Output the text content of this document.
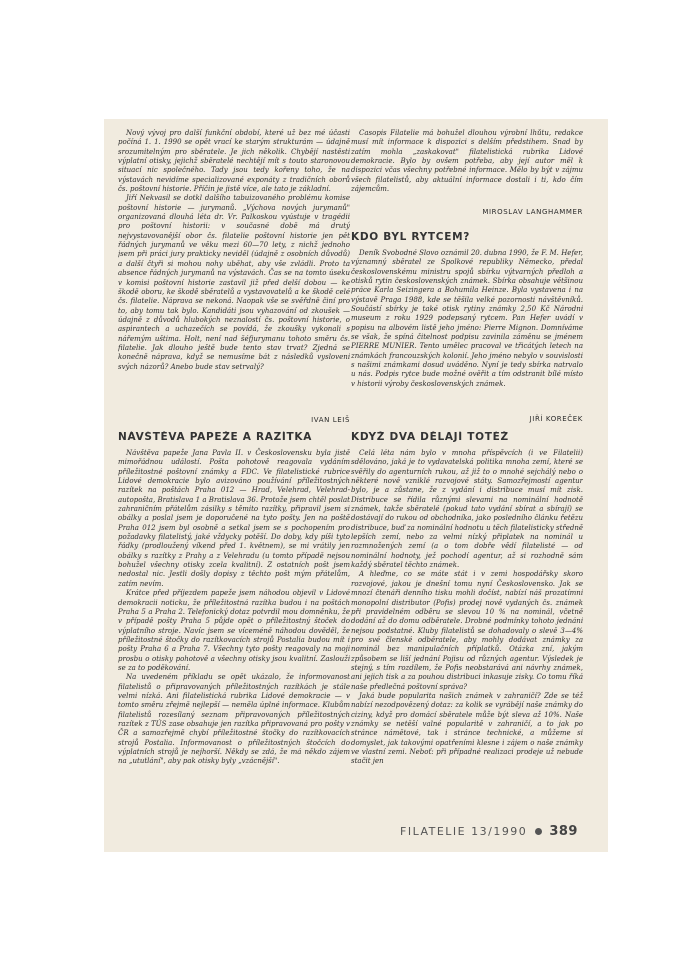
Nový vývoj pro další funkční období, které už bez mé účasti počíná 1. 1. 1990 se opět vrací ke starým strukturám — údajně srozumitelným pro sběratele. Je jich několik. Chybějí nastěstí výplatní otisky, jejichž sběratelé nechtějí mít s touto staronovou situací nic společného. Tady jsou tedy kořeny toho, že na výstavách nevidíme specializované exponáty z tradičních oborů čs. poštovní historie. Příčin je jistě více, ale tato je základní.

Jiří Nekvasil se dotkl dalšího tabuizovaného problému komise poštovní historie — jurymanů. „Výchova nových jurymanů" organizovaná dlouhá léta dr. Vr. Palkoskou vyústuje v tragédii pro poštovní historii: v současné době má drutý nejvystavovanější obor čs. filatelie poštovní historie jen pět řádných jurymanů ve věku mezi 60—70 lety, z nichž jednoho jsem při práci jury prakticky neviděl (údajně z osobních důvodů) a další čtyři si mohou nohy uběhat, aby vše zvládli. Proto ta absence řádných jurymanů na výstavách. Čas se na tomto úseku v komisi poštovní historie zastavil již před delší dobou — ke škodě oboru, ke škodě sběratelů a vystavovatelů a ke škodě celé čs. filatelie. Náprava se nekoná. Naopak vše se svěřdně činí pro to, aby tomu tak bylo. Kandidáti jsou vyhazování od zkoušek — údajně z důvodů hlubokých neznalostí čs. poštovní historie, o aspirantech a uchazečích se povídá, že zkoušky vykonali s nářemým uštima. Holt, není nad šéfjurymanu tohoto směru čs. filatelie. Jak dlouho ještě bude tento stav trvat? Zjedná se konečně náprava, když se nemusíme bát z následků vyslovení svých názorů? Anebo bude stav setrvalý?

IVAN LEIŠ
NÁVŠTĚVA PAPEŽE A RAZÍTKA

Návštěva papeže Jana Pavla II. v Československu byla jistě mimořádnou událostí. Pošta pohotově reagovala vydáním příležitostné poštovní známky a FDC. Ve filatelistické rubrice Lidové demokracie bylo avizováno používání příležitostných razítek na poštách Praha 012 — Hrad, Velehrad, Velehrad-autopošta, Bratislava 1 a Bratislava 36. Protože jsem chtěl poslat zahraničním přátelům zásilky s těmito razítky, připravil jsem si obálky a poslal jsem je doporučené na tyto pošty. Jen na poště Praha 012 jsem byl osobně a setkal jsem se s pochopením pro požadavky filatelistý, jaké vždycky potěší. Do doby, kdy píši tyto řádky (prodloužený víkend před 1. květnem), se mi vrátily jen obálky s razítky z Prahy a z Velehradu (u tomto případě nejsou bohužel všechny otisky zcela kvalitní). Z ostatních pošt jsem nedostal nic. Jestli došly dopisy z těchto pošt mým přátelům, zatím nevím.

Krátce před příjezdem papeže jsem náhodou objevil v Lidové demokracii noticku, že příležitostná razítka budou i na poštách Praha 5 a Praha 2. Telefonický dotaz potvrdil mou domněnku, že v případě pošty Praha 5 půjde opět o příležitostný štoček do výplatního stroje. Navíc jsem se víceméně náhodou dověděl, že příležitostné štočky do razítkovacích strojů Postalia budou mít i pošty Praha 6 a Praha 7. Všechny tyto pošty reagovaly na mojí prosbu o otisky pohotově a všechny otisky jsou kvalitní. Zaslouží se za to poděkování.

Na uvedeném příkladu se opět ukázalo, že informovanost filatelistů o připravovaných příležitostných razítkách je stále velmi nízká. Ani filatelistická rubrika Lidové demokracie — v tomto směru zřejmě nejlepší — neměla úplné informace. Klubům filatelistů rozesílaný seznam připravovaných příležitostných razítek z TÚS zase obsahuje jen razítka připravovaná pro pošty v ČR a samozřejmě chybí příležitostné štočky do razítkovacích strojů Postalia. Informovanost o příležitostných štočcích do výplatních strojů je nejhorší. Někdy se zdá, že má někdo zájem na „ututlání", aby pak otisky byly „vzácnější".

Časopis Filatelie má bohužel dlouhou výrobní lhůtu, redakce musí mít informace k dispozici s delším předstihem. Snad by zatím mohla „zaskakovat" filatelistická rubrika Lidové demokracie. Bylo by ovšem potřeba, aby její autor měl k dispozici včas všechny potřebné informace. Mělo by být v zájmu všech filatelistů, aby aktuální informace dostali i ti, kdo čím zájemcům.

MIROSLAV LANGHAMMER
KDO BYL RYTCEM?

Deník Svobodné Slovo oznámil 20. dubna 1990, že F. M. Hefer, významný sběratel ze Spolkové republiky Německo, předal československému ministru spojů sbírku výtvarných předloh a otisků rytin československých známek. Sbírka obsahuje většinou práce Karla Seizingera a Bohumila Heinze. Byla vystavena i na výstavě Praga 1988, kde se těšila velké pozornosti návštěvníků. Součástí sbírky je také otisk rytiny známky 2,50 Kč Národní museum z roku 1929 podepsaný rytcem. Pan Hefer uvádí v popisu na albovém listě jeho jméno: Pierre Mignon. Domníváme se však, že spíná čitelnost podpisu zavinila záměnu se jménem PIERRE MUNIER. Tento umělec pracoval ve třicátých letech na známkách francouzských kolonií. Jeho jméno nebylo v souvislosti s našimi známkami dosud uváděno. Nyní je tedy sbírka natrvalo u nás. Podpis rytce bude možné ověřit a tím odstranit bílé místo v historii výroby československých známek.

JIŘÍ KOREČEK
KDYŽ DVA DĚLAJÍ TOTÉŽ

Celá léta nám bylo v mnoha příspěvcích (i ve Filatelii) sdělováno, jaká je to vydavatelská politika mnoha zemí, které se svěřily do agenturních rukou, až již to o mnohé sejchálý nebo o některé nově vzniklé rozvojové státy. Samozřejmostí agentur bylo, je a zůstane, že z vydání i distribuce musí mít zisk. Distribuce se řídila různými slevami na nominální hodnotě známek, takže sběratelé (pokud tato vydání sbírat a sbírají) se dostávají do rukou od obchodníka, jako posledního článku řetězu distribuce, buď za nominální hodnotu u těch filatelisticky středně lepších zemí, nebo za velmi nízký připlatek na nominál u rozmnožených zemí (a o tom dobře vědí filatelisté — od nominální hodnoty, jež pochodí agentur, až si rozhodně sám každý sběratel těchto známek.

A hleďme, co se máte stát i v zemi hospodářsky skoro rozvojové, jakou je dnešní tomu nyní Československo. Jak se mnozí čtenáři denního tisku mohli dočíst, nabízí náš prozatímní monopolní distributor (Pofis) prodej nově vydaných čs. známek při pravidelném odběru se slevou 10 % na nominál, včetně dodání až do domu odběratele. Drobné podmínky tohoto jednání nejsou podstatné. Kluby filatelistů se dohadovaly o slevě 3—4% pro své členské odběratele, aby mohly dodávat známky za nominál bez manipulačních příplatků. Otázka zní, jakým způsobem se liší jednání Pojisu od různých agentur. Výsledek je stejný, s tím rozdílem, že Pofis neobstarává ani návrhy známek, ani jejich tisk a za pouhou distribuci inkasuje zisky. Co tomu říká naše předlečná poštovní správa?

Jaká bude popularita našich známek v zahraničí? Zde se též nabízí nezodpovězený dotaz: za kolik se vyrábějí naše známky do ciziny, když pro domácí sběratele může být sleva až 10%. Naše známky se netěší valné popularitě v zahraničí, a to jak po stránce námětové, tak i stránce technické, a můžeme si domyslet, jak takovými opatřeními klesne i zájem o naše známky ve vlastní zemi. Neboť: při případné realizaci prodeje už nebude stačit jen

FILATELIE 13/1990 389
